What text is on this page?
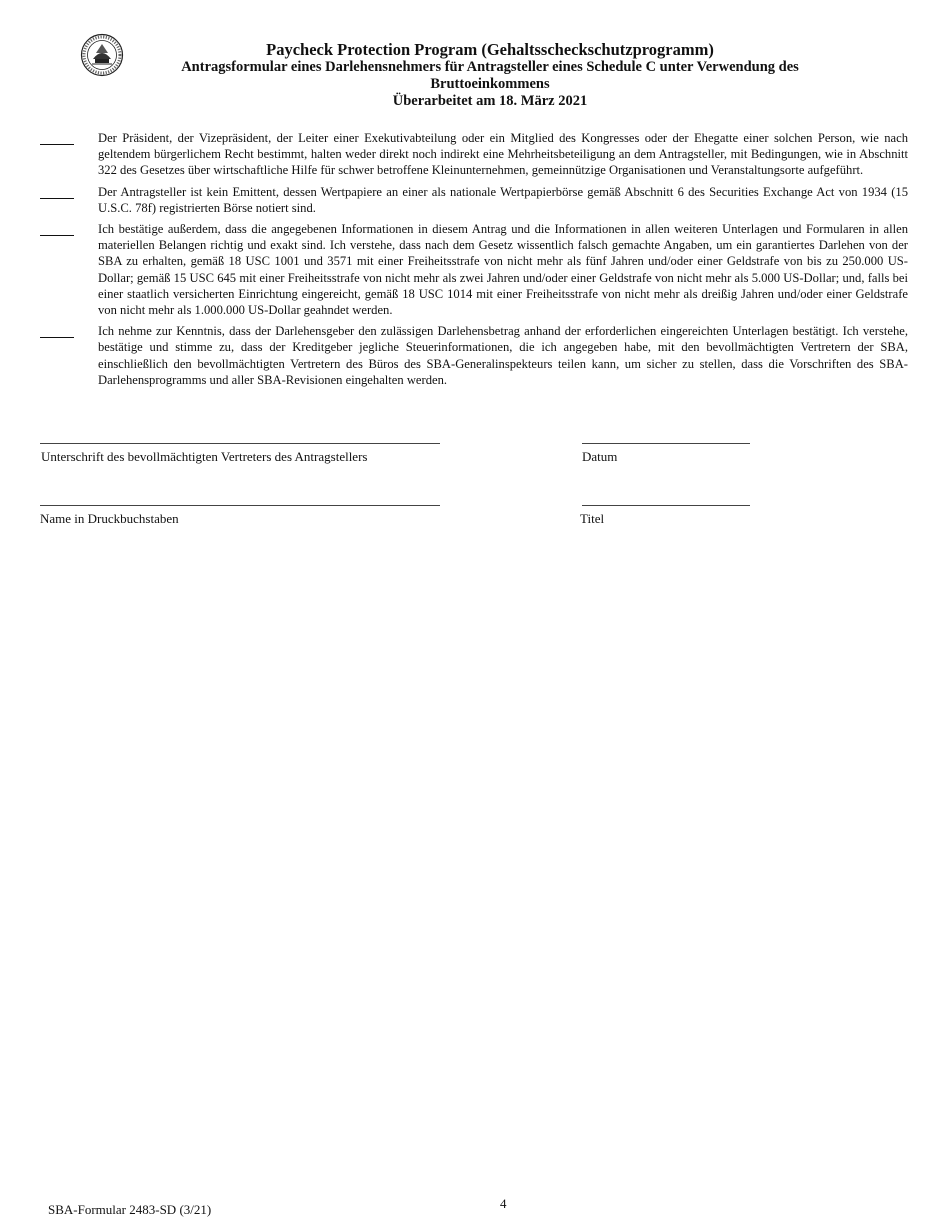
Paycheck Protection Program (Gehaltsscheckschutzprogramm)
Antragsformular eines Darlehensnehmers für Antragsteller eines Schedule C unter Verwendung des Bruttoeinkommens
Überarbeitet am 18. März 2021
Der Präsident, der Vizepräsident, der Leiter einer Exekutivabteilung oder ein Mitglied des Kongresses oder der Ehegatte einer solchen Person, wie nach geltendem bürgerlichem Recht bestimmt, halten weder direkt noch indirekt eine Mehrheitsbeteiligung an dem Antragsteller, mit Bedingungen, wie in Abschnitt 322 des Gesetzes über wirtschaftliche Hilfe für schwer betroffene Kleinunternehmen, gemeinnützige Organisationen und Veranstaltungsorte aufgeführt.
Der Antragsteller ist kein Emittent, dessen Wertpapiere an einer als nationale Wertpapierbörse gemäß Abschnitt 6 des Securities Exchange Act von 1934 (15 U.S.C. 78f) registrierten Börse notiert sind.
Ich bestätige außerdem, dass die angegebenen Informationen in diesem Antrag und die Informationen in allen weiteren Unterlagen und Formularen in allen materiellen Belangen richtig und exakt sind. Ich verstehe, dass nach dem Gesetz wissentlich falsch gemachte Angaben, um ein garantiertes Darlehen von der SBA zu erhalten, gemäß 18 USC 1001 und 3571 mit einer Freiheitsstrafe von nicht mehr als fünf Jahren und/oder einer Geldstrafe von bis zu 250.000 US-Dollar; gemäß 15 USC 645 mit einer Freiheitsstrafe von nicht mehr als zwei Jahren und/oder einer Geldstrafe von nicht mehr als 5.000 US-Dollar; und, falls bei einer staatlich versicherten Einrichtung eingereicht, gemäß 18 USC 1014 mit einer Freiheitsstrafe von nicht mehr als dreißig Jahren und/oder einer Geldstrafe von nicht mehr als 1.000.000 US-Dollar geahndet werden.
Ich nehme zur Kenntnis, dass der Darlehensgeber den zulässigen Darlehensbetrag anhand der erforderlichen eingereichten Unterlagen bestätigt. Ich verstehe, bestätige und stimme zu, dass der Kreditgeber jegliche Steuerinformationen, die ich angegeben habe, mit den bevollmächtigten Vertretern der SBA, einschließlich den bevollmächtigten Vertretern des Büros des SBA-Generalinspekteurs teilen kann, um sicher zu stellen, dass die Vorschriften des SBA-Darlehensprogramms und aller SBA-Revisionen eingehalten werden.
Unterschrift des bevollmächtigten Vertreters des Antragstellers	Datum
Name in Druckbuchstaben	Titel
SBA-Formular 2483-SD (3/21)	4
